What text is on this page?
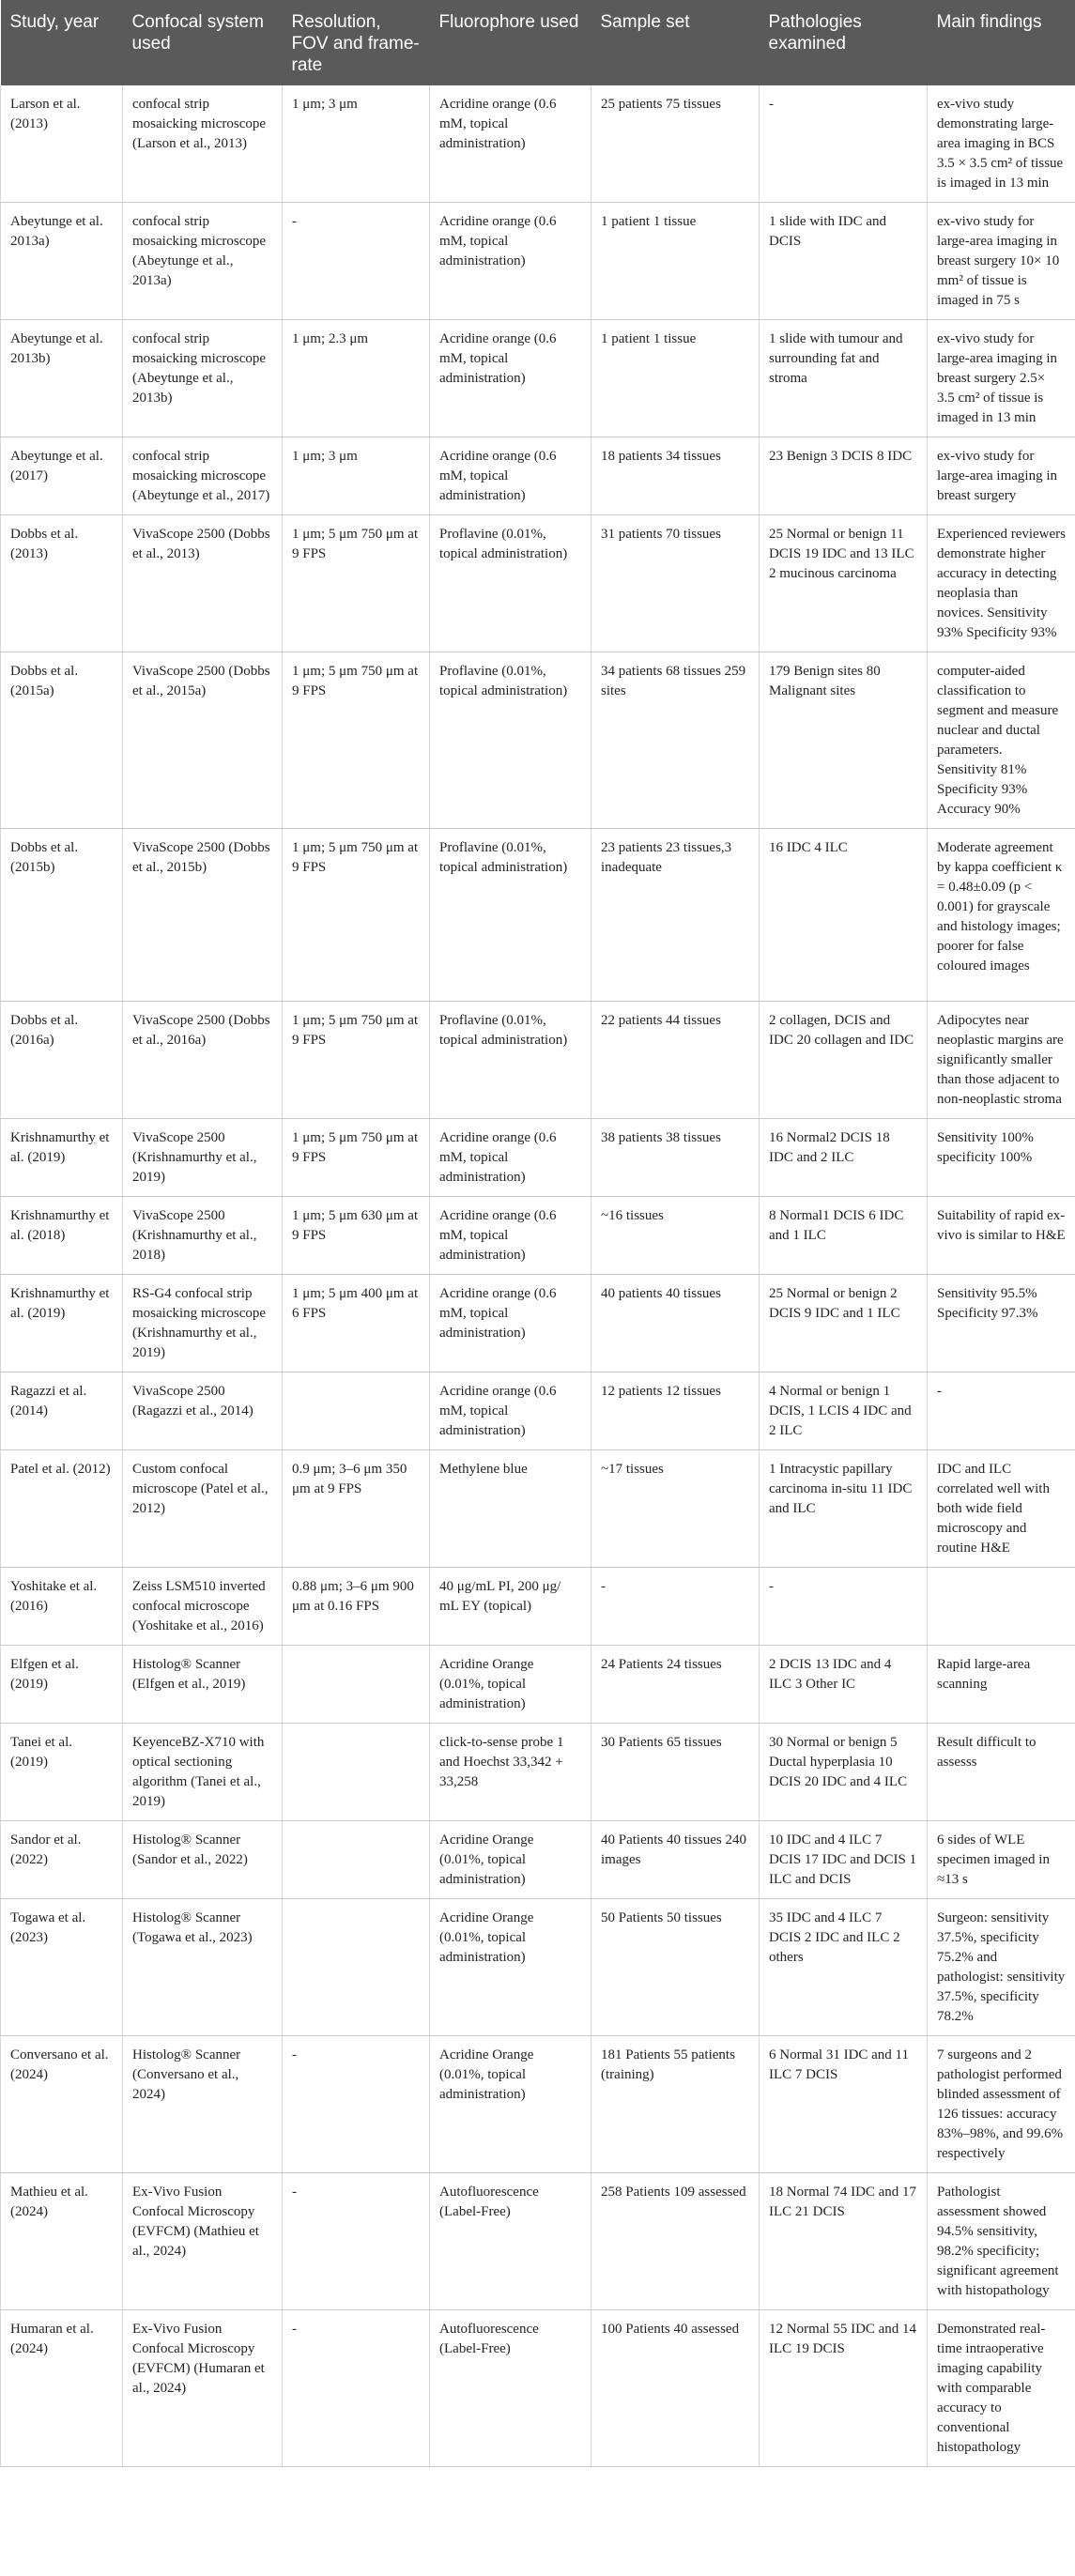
Study, year	Confocal system used	Resolution, FOV and frame-rate	Fluorophore used	Sample set	Pathologies examined	Main findings
Larson et al. (2013)	confocal strip mosaicking microscope (Larson et al., 2013)	1 μm; 3 μm	Acridine orange (0.6 mM, topical administration)	25 patients 75 tissues	-	ex-vivo study demonstrating large-area imaging in BCS 3.5 × 3.5 cm² of tissue is imaged in 13 min
Abeytunge et al. 2013a)	confocal strip mosaicking microscope (Abeytunge et al., 2013a)	-	Acridine orange (0.6 mM, topical administration)	1 patient 1 tissue	1 slide with IDC and DCIS	ex-vivo study for large-area imaging in breast surgery 10× 10 mm² of tissue is imaged in 75 s
Abeytunge et al. 2013b)	confocal strip mosaicking microscope (Abeytunge et al., 2013b)	1 μm; 2.3 μm	Acridine orange (0.6 mM, topical administration)	1 patient 1 tissue	1 slide with tumour and surrounding fat and stroma	ex-vivo study for large-area imaging in breast surgery 2.5× 3.5 cm² of tissue is imaged in 13 min
Abeytunge et al. (2017)	confocal strip mosaicking microscope (Abeytunge et al., 2017)	1 μm; 3 μm	Acridine orange (0.6 mM, topical administration)	18 patients 34 tissues	23 Benign 3 DCIS 8 IDC	ex-vivo study for large-area imaging in breast surgery
Dobbs et al. (2013)	VivaScope 2500 (Dobbs et al., 2013)	1 μm; 5 μm 750 μm at 9 FPS	Proflavine (0.01%, topical administration)	31 patients 70 tissues	25 Normal or benign 11 DCIS 19 IDC and 13 ILC 2 mucinous carcinoma	Experienced reviewers demonstrate higher accuracy in detecting neoplasia than novices. Sensitivity 93% Specificity 93%
Dobbs et al. (2015a)	VivaScope 2500 (Dobbs et al., 2015a)	1 μm; 5 μm 750 μm at 9 FPS	Proflavine (0.01%, topical administration)	34 patients 68 tissues 259 sites	179 Benign sites 80 Malignant sites	computer-aided classification to segment and measure nuclear and ductal parameters. Sensitivity 81% Specificity 93% Accuracy 90%
Dobbs et al. (2015b)	VivaScope 2500 (Dobbs et al., 2015b)	1 μm; 5 μm 750 μm at 9 FPS	Proflavine (0.01%, topical administration)	23 patients 23 tissues,3 inadequate	16 IDC 4 ILC	Moderate agreement by kappa coefficient κ = 0.48±0.09 (p < 0.001) for grayscale and histology images; poorer for false coloured images
Dobbs et al. (2016a)	VivaScope 2500 (Dobbs et al., 2016a)	1 μm; 5 μm 750 μm at 9 FPS	Proflavine (0.01%, topical administration)	22 patients 44 tissues	2 collagen, DCIS and IDC 20 collagen and IDC	Adipocytes near neoplastic margins are significantly smaller than those adjacent to non-neoplastic stroma
Krishnamurthy et al. (2019)	VivaScope 2500 (Krishnamurthy et al., 2019)	1 μm; 5 μm 750 μm at 9 FPS	Acridine orange (0.6 mM, topical administration)	38 patients 38 tissues	16 Normal2 DCIS 18 IDC and 2 ILC	Sensitivity 100% specificity 100%
Krishnamurthy et al. (2018)	VivaScope 2500 (Krishnamurthy et al., 2018)	1 μm; 5 μm 630 μm at 9 FPS	Acridine orange (0.6 mM, topical administration)	~16 tissues	8 Normal1 DCIS 6 IDC and 1 ILC	Suitability of rapid ex-vivo is similar to H&E
Krishnamurthy et al. (2019)	RS-G4 confocal strip mosaicking microscope (Krishnamurthy et al., 2019)	1 μm; 5 μm 400 μm at 6 FPS	Acridine orange (0.6 mM, topical administration)	40 patients 40 tissues	25 Normal or benign 2 DCIS 9 IDC and 1 ILC	Sensitivity 95.5% Specificity 97.3%
Ragazzi et al. (2014)	VivaScope 2500 (Ragazzi et al., 2014)		Acridine orange (0.6 mM, topical administration)	12 patients 12 tissues	4 Normal or benign 1 DCIS, 1 LCIS 4 IDC and 2 ILC	-
Patel et al. (2012)	Custom confocal microscope (Patel et al., 2012)	0.9 μm; 3–6 μm 350 μm at 9 FPS	Methylene blue	~17 tissues	1 Intracystic papillary carcinoma in-situ 11 IDC and ILC	IDC and ILC correlated well with both wide field microscopy and routine H&E
Yoshitake et al. (2016)	Zeiss LSM510 inverted confocal microscope (Yoshitake et al., 2016)	0.88 μm; 3–6 μm 900 μm at 0.16 FPS	40 μg/mL PI, 200 μg/ mL EY (topical)	-	-	
Elfgen et al. (2019)	Histolog® Scanner (Elfgen et al., 2019)		Acridine Orange (0.01%, topical administration)	24 Patients 24 tissues	2 DCIS 13 IDC and 4 ILC 3 Other IC	Rapid large-area scanning
Tanei et al. (2019)	KeyenceBZ-X710 with optical sectioning algorithm (Tanei et al., 2019)		click-to-sense probe 1 and Hoechst 33,342 + 33,258	30 Patients 65 tissues	30 Normal or benign 5 Ductal hyperplasia 10 DCIS 20 IDC and 4 ILC	Result difficult to assesss
Sandor et al. (2022)	Histolog® Scanner (Sandor et al., 2022)		Acridine Orange (0.01%, topical administration)	40 Patients 40 tissues 240 images	10 IDC and 4 ILC 7 DCIS 17 IDC and DCIS 1 ILC and DCIS	6 sides of WLE specimen imaged in ≈13 s
Togawa et al. (2023)	Histolog® Scanner (Togawa et al., 2023)		Acridine Orange (0.01%, topical administration)	50 Patients 50 tissues	35 IDC and 4 ILC 7 DCIS 2 IDC and ILC 2 others	Surgeon: sensitivity 37.5%, specificity 75.2% and pathologist: sensitivity 37.5%, specificity 78.2%
Conversano et al. (2024)	Histolog® Scanner (Conversano et al., 2024)	-	Acridine Orange (0.01%, topical administration)	181 Patients 55 patients (training)	6 Normal 31 IDC and 11 ILC 7 DCIS	7 surgeons and 2 pathologist performed blinded assessment of 126 tissues: accuracy 83%–98%, and 99.6% respectively
Mathieu et al. (2024)	Ex-Vivo Fusion Confocal Microscopy (EVFCM) (Mathieu et al., 2024)	-	Autofluorescence (Label-Free)	258 Patients 109 assessed	18 Normal 74 IDC and 17 ILC 21 DCIS	Pathologist assessment showed 94.5% sensitivity, 98.2% specificity; significant agreement with histopathology
Humaran et al. (2024)	Ex-Vivo Fusion Confocal Microscopy (EVFCM) (Humaran et al., 2024)	-	Autofluorescence (Label-Free)	100 Patients 40 assessed	12 Normal 55 IDC and 14 ILC 19 DCIS	Demonstrated real-time intraoperative imaging capability with comparable accuracy to conventional histopathology
